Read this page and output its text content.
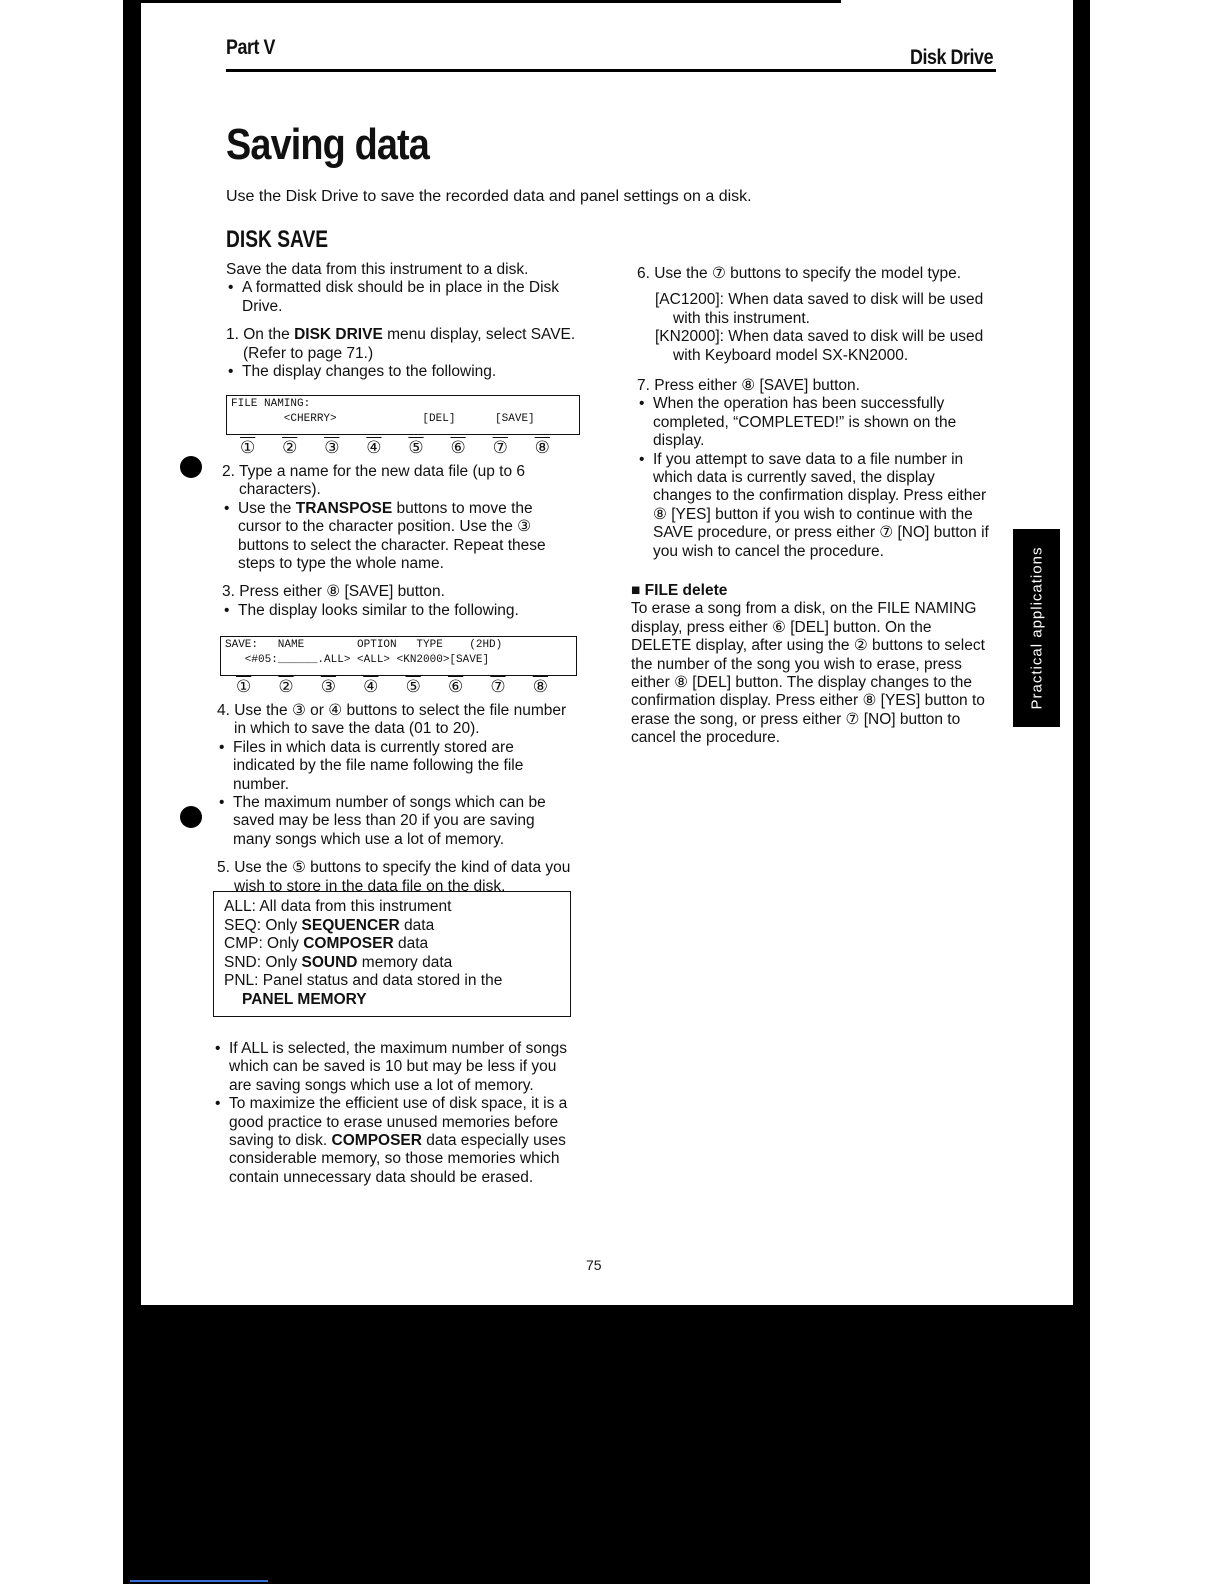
Part V	Disk Drive
Saving data
Use the Disk Drive to save the recorded data and panel settings on a disk.
DISK SAVE

Save the data from this instrument to a disk.

• A formatted disk should be in place in the Disk Drive.

1. On the DISK DRIVE menu display, select SAVE. (Refer to page 71.)

• The display changes to the following.

FILE NAMING:
<CHERRY>             [DEL]      [SAVE]
① ② ③ ④ ⑤ ⑥ ⑦ ⑧

2. Type a name for the new data file (up to 6 characters).

• Use the TRANSPOSE buttons to move the cursor to the character position. Use the ③ buttons to select the character. Repeat these steps to type the whole name.

3. Press either ⑧ [SAVE] button.

• The display looks similar to the following.

SAVE:   NAME        OPTION   TYPE    (2HD)
<#05:______.ALL> <ALL> <KN2000>[SAVE]
① ② ③ ④ ⑤ ⑥ ⑦ ⑧

4. Use the ③ or ④ buttons to select the file number in which to save the data (01 to 20).

• Files in which data is currently stored are indicated by the file name following the file number.

• The maximum number of songs which can be saved may be less than 20 if you are saving many songs which use a lot of memory.

5. Use the ⑤ buttons to specify the kind of data you wish to store in the data file on the disk.

ALL: All data from this instrument
SEQ: Only SEQUENCER data
CMP: Only COMPOSER data
SND: Only SOUND memory data
PNL: Panel status and data stored in the
PANEL MEMORY

• If ALL is selected, the maximum number of songs which can be saved is 10 but may be less if you are saving songs which use a lot of memory.

• To maximize the efficient use of disk space, it is a good practice to erase unused memories before saving to disk. COMPOSER data especially uses considerable memory, so those memories which contain unnecessary data should be erased.

6. Use the ⑦ buttons to specify the model type.

[AC1200]: When data saved to disk will be used with this instrument.

[KN2000]: When data saved to disk will be used with Keyboard model SX-KN2000.

7. Press either ⑧ [SAVE] button.

• When the operation has been successfully completed, “COMPLETED!” is shown on the display.

• If you attempt to save data to a file number in which data is currently saved, the display changes to the confirmation display. Press either ⑧ [YES] button if you wish to continue with the SAVE procedure, or press either ⑦ [NO] button if you wish to cancel the procedure.

■ FILE delete

To erase a song from a disk, on the FILE NAMING display, press either ⑥ [DEL] button. On the DELETE display, after using the ② buttons to select the number of the song you wish to erase, press either ⑧ [DEL] button. The display changes to the confirmation display. Press either ⑧ [YES] button to erase the song, or press either ⑦ [NO] button to cancel the procedure.

Practical applications
75
